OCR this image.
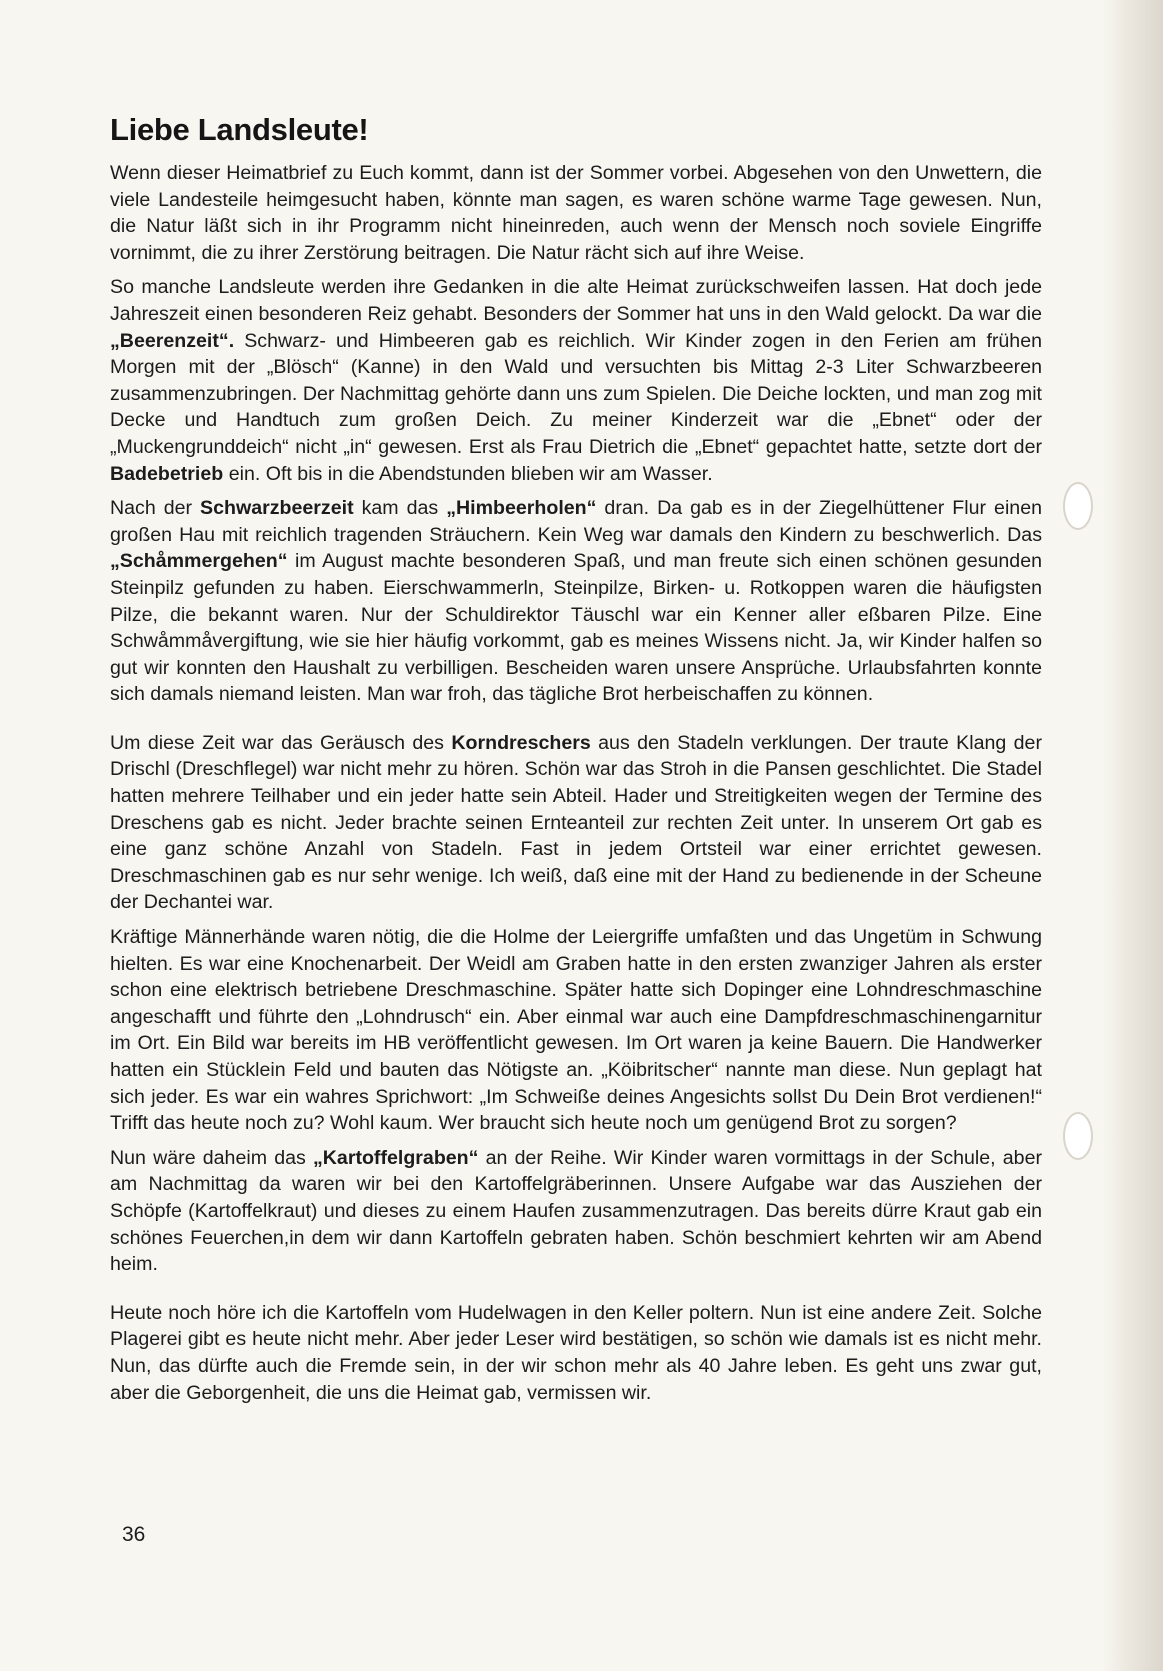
Liebe Landsleute!

Wenn dieser Heimatbrief zu Euch kommt, dann ist der Sommer vorbei. Abgesehen von den Unwettern, die viele Landesteile heimgesucht haben, könnte man sagen, es waren schöne warme Tage gewesen. Nun, die Natur läßt sich in ihr Programm nicht hineinreden, auch wenn der Mensch noch soviele Eingriffe vornimmt, die zu ihrer Zerstörung beitragen. Die Natur rächt sich auf ihre Weise.

So manche Landsleute werden ihre Gedanken in die alte Heimat zurückschweifen lassen. Hat doch jede Jahreszeit einen besonderen Reiz gehabt. Besonders der Sommer hat uns in den Wald gelockt. Da war die „Beerenzeit“. Schwarz- und Himbeeren gab es reichlich. Wir Kinder zogen in den Ferien am frühen Morgen mit der „Blösch“ (Kanne) in den Wald und versuchten bis Mittag 2-3 Liter Schwarzbeeren zusammenzubringen. Der Nachmittag gehörte dann uns zum Spielen. Die Deiche lockten, und man zog mit Decke und Handtuch zum großen Deich. Zu meiner Kinderzeit war die „Ebnet“ oder der „Muckengrunddeich“ nicht „in“ gewesen. Erst als Frau Dietrich die „Ebnet“ gepachtet hatte, setzte dort der Badebetrieb ein. Oft bis in die Abendstunden blieben wir am Wasser.

Nach der Schwarzbeerzeit kam das „Himbeerholen“ dran. Da gab es in der Ziegelhüttener Flur einen großen Hau mit reichlich tragenden Sträuchern. Kein Weg war damals den Kindern zu beschwerlich. Das „Schåmmergehen“ im August machte besonderen Spaß, und man freute sich einen schönen gesunden Steinpilz gefunden zu haben. Eierschwammerln, Steinpilze, Birken- u. Rotkoppen waren die häufigsten Pilze, die bekannt waren. Nur der Schuldirektor Täuschl war ein Kenner aller eßbaren Pilze. Eine Schwåmmåvergiftung, wie sie hier häufig vorkommt, gab es meines Wissens nicht. Ja, wir Kinder halfen so gut wir konnten den Haushalt zu verbilligen. Bescheiden waren unsere Ansprüche. Urlaubsfahrten konnte sich damals niemand leisten. Man war froh, das tägliche Brot herbeischaffen zu können.

Um diese Zeit war das Geräusch des Korndreschers aus den Stadeln verklungen. Der traute Klang der Drischl (Dreschflegel) war nicht mehr zu hören. Schön war das Stroh in die Pansen geschlichtet. Die Stadel hatten mehrere Teilhaber und ein jeder hatte sein Abteil. Hader und Streitigkeiten wegen der Termine des Dreschens gab es nicht. Jeder brachte seinen Ernteanteil zur rechten Zeit unter. In unserem Ort gab es eine ganz schöne Anzahl von Stadeln. Fast in jedem Ortsteil war einer errichtet gewesen. Dreschmaschinen gab es nur sehr wenige. Ich weiß, daß eine mit der Hand zu bedienende in der Scheune der Dechantei war.

Kräftige Männerhände waren nötig, die die Holme der Leiergriffe umfaßten und das Ungetüm in Schwung hielten. Es war eine Knochenarbeit. Der Weidl am Graben hatte in den ersten zwanziger Jahren als erster schon eine elektrisch betriebene Dreschmaschine. Später hatte sich Dopinger eine Lohndreschmaschine angeschafft und führte den „Lohndrusch“ ein. Aber einmal war auch eine Dampfdreschmaschinengarnitur im Ort. Ein Bild war bereits im HB veröffentlicht gewesen. Im Ort waren ja keine Bauern. Die Handwerker hatten ein Stücklein Feld und bauten das Nötigste an. „Köibritscher“ nannte man diese. Nun geplagt hat sich jeder. Es war ein wahres Sprichwort: „Im Schweiße deines Angesichts sollst Du Dein Brot verdienen!“ Trifft das heute noch zu? Wohl kaum. Wer braucht sich heute noch um genügend Brot zu sorgen?

Nun wäre daheim das „Kartoffelgraben“ an der Reihe. Wir Kinder waren vormittags in der Schule, aber am Nachmittag da waren wir bei den Kartoffelgräberinnen. Unsere Aufgabe war das Ausziehen der Schöpfe (Kartoffelkraut) und dieses zu einem Haufen zusammenzutragen. Das bereits dürre Kraut gab ein schönes Feuerchen,in dem wir dann Kartoffeln gebraten haben. Schön beschmiert kehrten wir am Abend heim.

Heute noch höre ich die Kartoffeln vom Hudelwagen in den Keller poltern. Nun ist eine andere Zeit. Solche Plagerei gibt es heute nicht mehr. Aber jeder Leser wird bestätigen, so schön wie damals ist es nicht mehr. Nun, das dürfte auch die Fremde sein, in der wir schon mehr als 40 Jahre leben. Es geht uns zwar gut, aber die Geborgenheit, die uns die Heimat gab, vermissen wir.

36
